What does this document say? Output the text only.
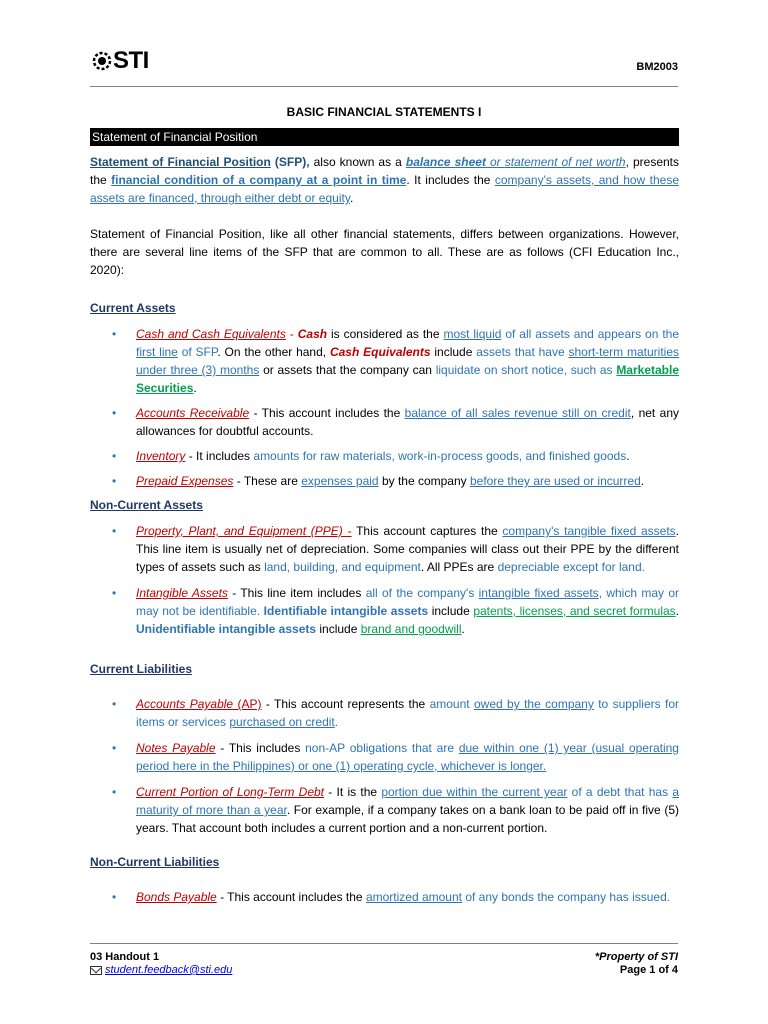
STI	BM2003
BASIC FINANCIAL STATEMENTS I
Statement of Financial Position

Statement of Financial Position (SFP), also known as a balance sheet or statement of net worth, presents the financial condition of a company at a point in time. It includes the company's assets, and how these assets are financed, through either debt or equity.

Statement of Financial Position, like all other financial statements, differs between organizations. However, there are several line items of the SFP that are common to all. These are as follows (CFI Education Inc., 2020):

Current Assets
• Cash and Cash Equivalents - Cash is considered as the most liquid of all assets and appears on the first line of SFP. On the other hand, Cash Equivalents include assets that have short-term maturities under three (3) months or assets that the company can liquidate on short notice, such as Marketable Securities.
• Accounts Receivable - This account includes the balance of all sales revenue still on credit, net any allowances for doubtful accounts.
• Inventory - It includes amounts for raw materials, work-in-process goods, and finished goods.
• Prepaid Expenses - These are expenses paid by the company before they are used or incurred.
Non-Current Assets
• Property, Plant, and Equipment (PPE) - This account captures the company's tangible fixed assets. This line item is usually net of depreciation. Some companies will class out their PPE by the different types of assets such as land, building, and equipment. All PPEs are depreciable except for land.
• Intangible Assets - This line item includes all of the company's intangible fixed assets, which may or may not be identifiable. Identifiable intangible assets include patents, licenses, and secret formulas. Unidentifiable intangible assets include brand and goodwill.
Current Liabilities
• Accounts Payable (AP) - This account represents the amount owed by the company to suppliers for items or services purchased on credit.
• Notes Payable - This includes non-AP obligations that are due within one (1) year (usual operating period here in the Philippines) or one (1) operating cycle, whichever is longer.
• Current Portion of Long-Term Debt - It is the portion due within the current year of a debt that has a maturity of more than a year. For example, if a company takes on a bank loan to be paid off in five (5) years. That account both includes a current portion and a non-current portion.
Non-Current Liabilities
• Bonds Payable - This account includes the amortized amount of any bonds the company has issued.
03 Handout 1
student.feedback@sti.edu
*Property of STI
Page 1 of 4
